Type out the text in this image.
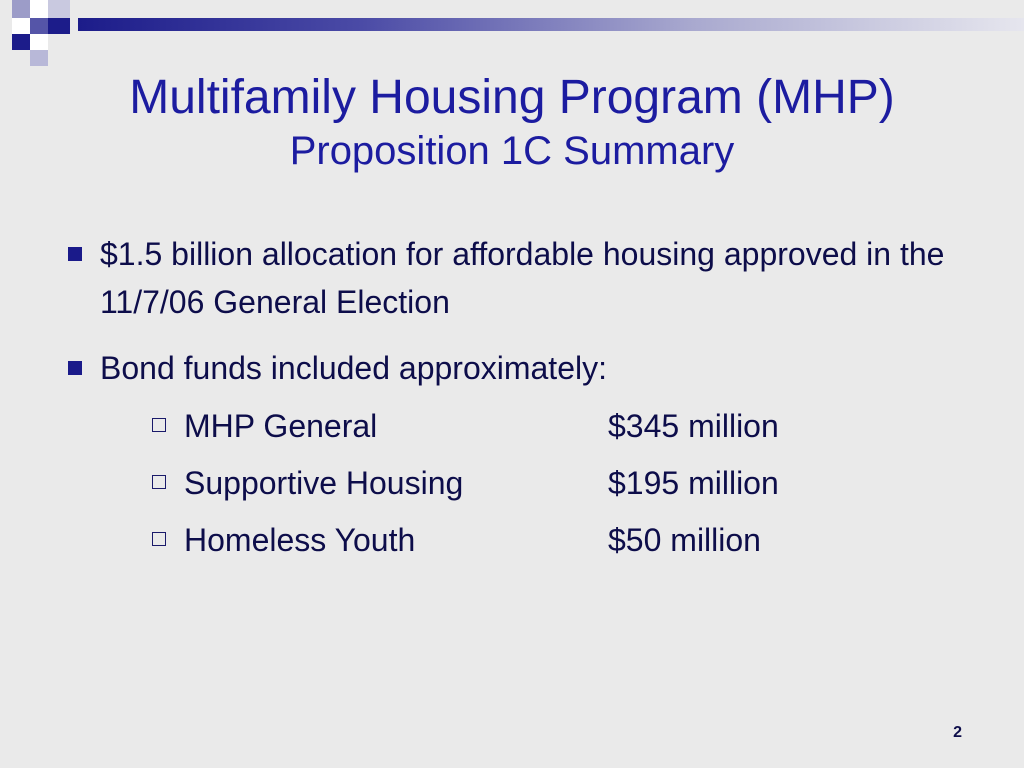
Multifamily Housing Program (MHP)
Proposition 1C Summary
$1.5 billion allocation for affordable housing approved in the 11/7/06 General Election
Bond funds included approximately:
MHP General	$345 million
Supportive Housing	$195 million
Homeless Youth	$50 million
2
